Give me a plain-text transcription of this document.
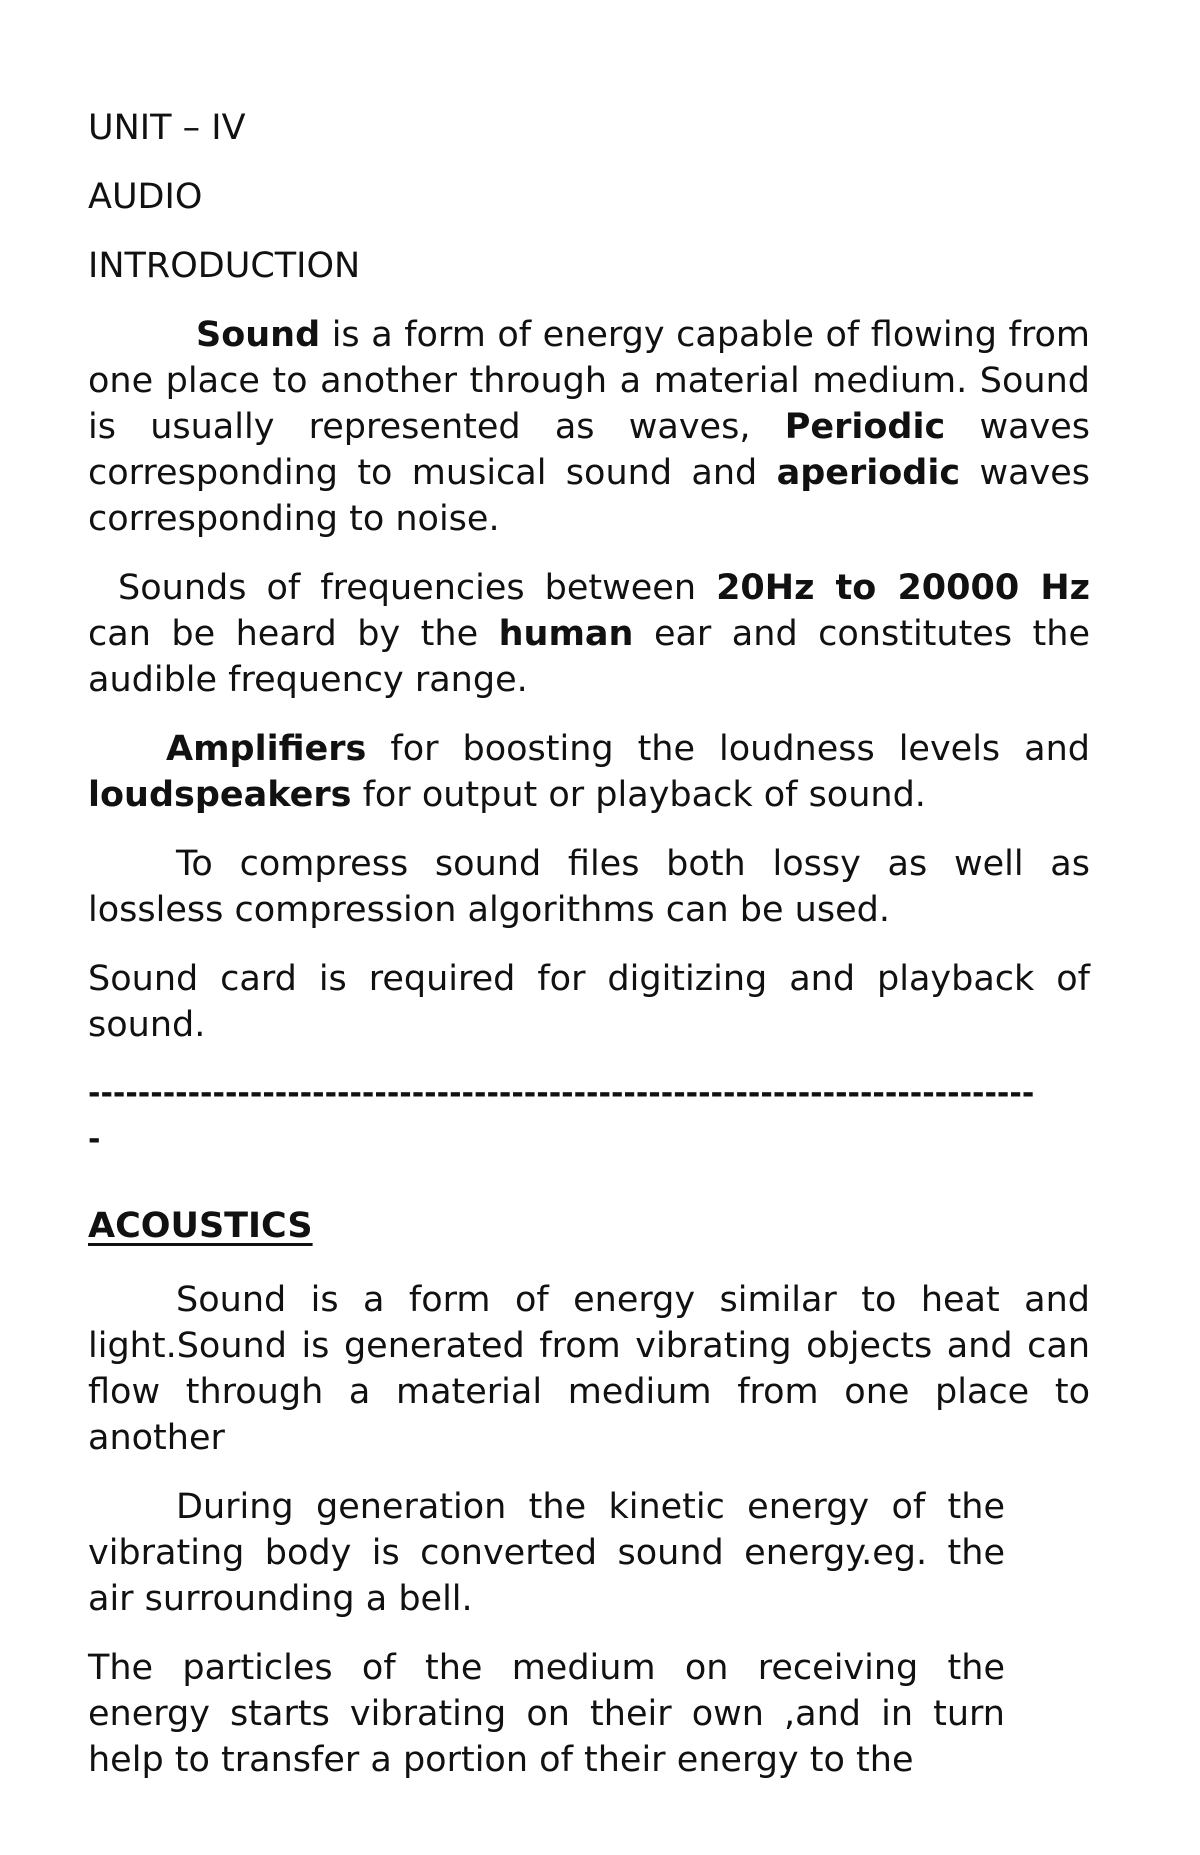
UNIT – IV
AUDIO
INTRODUCTION

Sound is a form of energy capable of flowing from one place to another through a material medium. Sound is usually represented as waves, Periodic waves corresponding to musical sound and aperiodic waves corresponding to noise.

Sounds of frequencies between 20Hz to 20000 Hz can be heard by the human ear and constitutes the audible frequency range.

Amplifiers for boosting the loudness levels and loudspeakers for output or playback of sound.

To compress sound files both lossy as well as lossless compression algorithms can be used.

Sound card is required for digitizing and playback of sound.

----------------------------------------------------------------------------
-
ACOUSTICS

Sound is a form of energy similar to heat and light.Sound is generated from vibrating objects and can flow through a material medium from one place to another

During generation the kinetic energy of the vibrating body is converted sound energy.eg. the air surrounding a bell.

The particles of the medium on receiving the energy starts vibrating on their own ,and in turn help to transfer a portion of their energy to the
